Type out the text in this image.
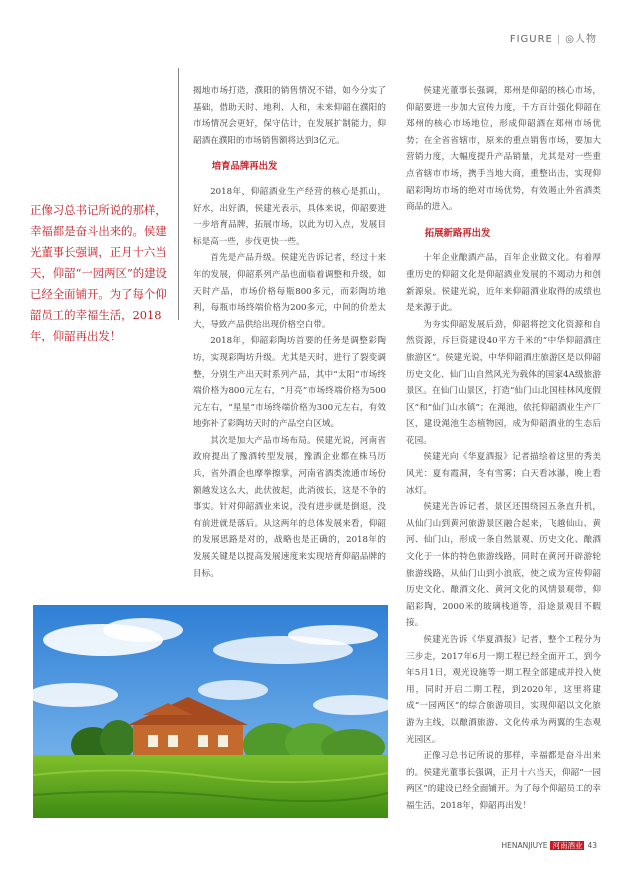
FIGURE | ◎人物
正像习总书记所说的那样，幸福都是奋斗出来的。侯建光董事长强调，正月十六当天，仰韶“一园两区”的建设已经全面铺开。为了每个仰韶员工的幸福生活，2018年，仰韶再出发！

揭地市场打造，濮阳的销售情况不错，如今分实了基础，借助天时、地利、人和，未来仰韶在濮阳的市场情况会更好，保守估计，在发展扩制能力，仰韶酒在濮阳的市场销售额将达到3亿元。

培育品牌再出发

2018年，仰韶酒业生产经营的核心是抓山，好水，出好酒，侯建光表示，具体来说，仰韶要进一步培育品牌，拓展市场，以此为切入点，发展目标是高一些，步伐更快一些。

首先是产品升级。侯建光告诉记者，经过十来年的发展，仰韶系列产品也面临着调整和升级，如天时产品，市场价格每瓶800多元，而彩陶坊地利，每瓶市场终端价格为200多元，中间的价差太大，导致产品供给出现价格空白带。

2018年，仰韶彩陶坊首要的任务是调整彩陶坊，实现彩陶坊升级。尤其是天时，进行了裂变调整，分别生产出天时系列产品，其中“太阳”市场终端价格为800元左右，“月亮”市场终端价格为500元左右，“星星”市场终端价格为300元左右，有效地弥补了彩陶坊天时的产品空白区域。

其次是加大产品市场布局。侯建光说，河南省政府提出了豫酒转型发展，豫酒企业都在株马历兵，省外酒企也摩拳擦掌，河南省酒类流通市场份额越发这么大，此伏彼起，此消彼长，这是不争的事实。针对仰韶酒业来说，没有进步就是倒退，没有前进就是落后。从这两年的总体发展来看，仰韶的发展思路是对的，战略也是正确的，2018年的发展关键是以提高发展速度来实现培育仰韶品牌的目标。

侯建光董事长强调，郑州是仰韶的核心市场，仰韶要进一步加大宣传力度，千方百计强化仰韶在郑州的核心市场地位，形成仰韶酒在郑州市场优势；在全省省辖市，原来的重点销售市场，要加大营销力度，大幅度提升产品销量，尤其是对一些重点省辖市市场，携手当地大商，重整出击，实现仰韶彩陶坊市场的绝对市场优势，有效遏止外省酒类商品的进入。

拓展新路再出发

十年企业酿酒产品，百年企业做文化。有着厚重历史的仰韶文化是仰韶酒业发展的不竭动力和创新源泉。侯建光说，近年来仰韶酒业取得的成绩也是来源于此。

为夯实仰韶发展后劲，仰韶将挖文化资源和自然资源，斥巨资建设40平方千米的“中华仰韶酒庄旅游区”。侯建光说，中华仰韶酒庄旅游区是以仰韶历史文化、仙门山自然风光为载体的国家4A级旅游景区。在仙门山景区，打造“仙门山北国桂林风度假区”和“仙门山水镇”；在渑池，依托仰韶酒业生产厂区，建设渑池生态植物园，成为仰韶酒业的生态后花园。

侯建光向《华夏酒报》记者描绘着这里的秀美风光：夏有霞洞，冬有雪雾；白天看冰瀑，晚上看冰灯。

侯建光告诉记者，景区还围绕园五条直升机，从仙门山到黄河旅游景区融合起来，飞越仙山、黄河、仙门山，形成一条自然景观、历史文化、酿酒文化于一体的特色旅游线路，同时在黄河开辟游轮旅游线路，从仙门山到小浪底，使之成为宣传仰韶历史文化、酿酒文化、黄河文化的风情景观带，仰韶彩陶，2000米的玻璃栈道等，沿途景观目不暇接。

侯建光告诉《华夏酒报》记者，整个工程分为三步走，2017年6月一期工程已经全面开工，到今年5月1日，观光设施等一期工程全部建成并投入使用，同时开启二期工程，到2020年，这里将建成“一园两区”的综合旅游项目，实现仰韶以文化旅游为主线，以酿酒旅游、文化传承为两翼的生态观光园区。

正像习总书记所说的那样，幸福都是奋斗出来的。侯建光董事长强调，正月十六当天，仰韶“一园两区”的建设已经全面铺开。为了每个仰韶员工的幸福生活，2018年，仰韶再出发！

HENANJIUYE 河南酒业 43
